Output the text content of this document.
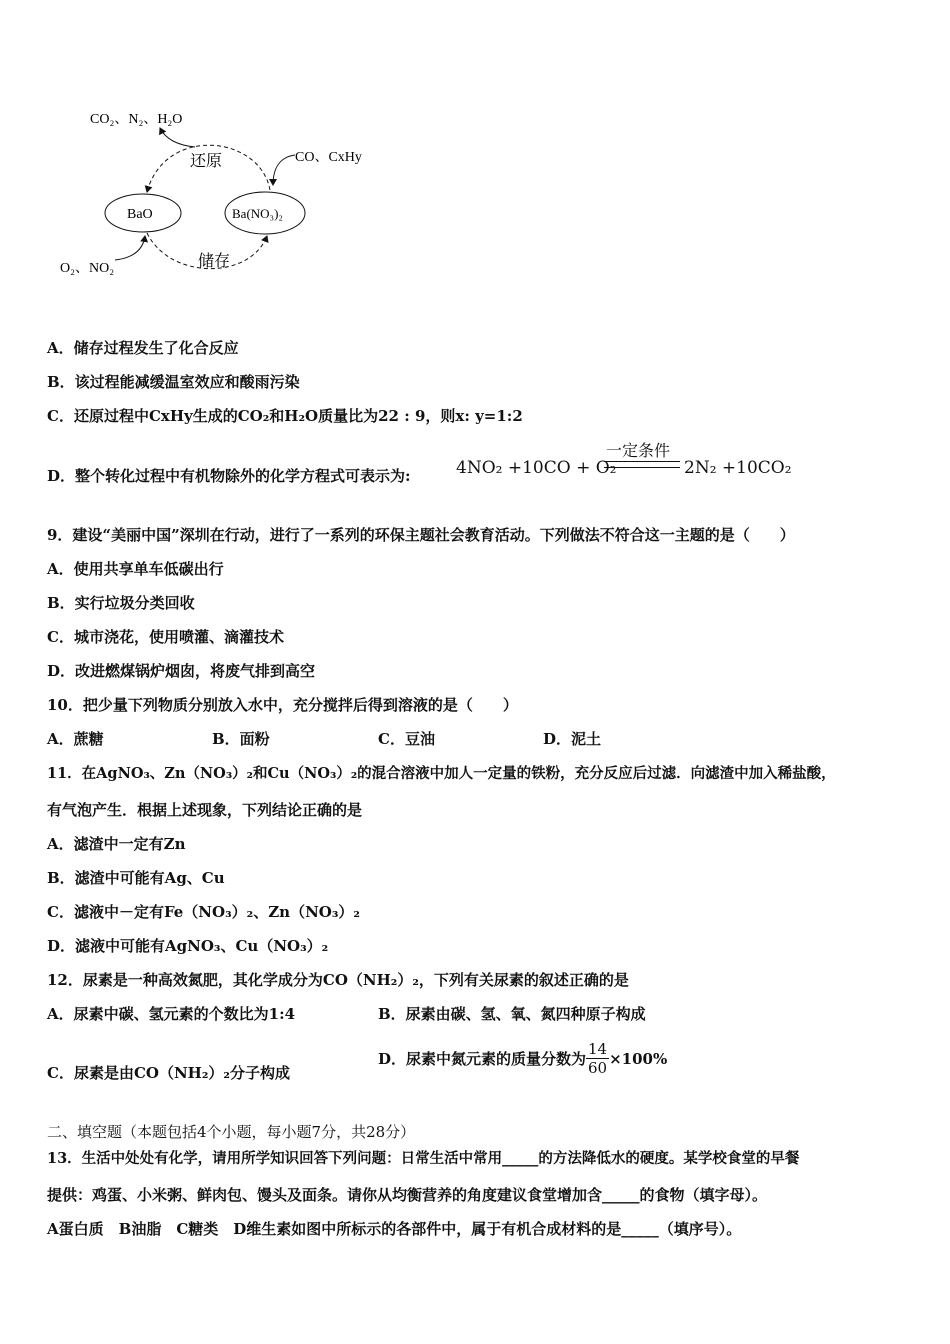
CO₂、N₂、H₂O
还原	CO、CxHy
BaO	Ba(NO₃)₂
储存
O₂、NO₂
A．储存过程发生了化合反应
B．该过程能减缓温室效应和酸雨污染
C．还原过程中CxHy生成的CO₂和H₂O质量比为22 : 9，则x: y=1:2
D．整个转化过程中有机物除外的化学方程式可表示为:	4NO₂ +10CO + O₂
一定条件
2N₂ +10CO₂
9．建设“美丽中国”深圳在行动，进行了一系列的环保主题社会教育活动。下列做法不符合这一主题的是（　　）
A．使用共享单车低碳出行
B．实行垃圾分类回收
C．城市浇花，使用喷灌、滴灌技术
D．改进燃煤锅炉烟囱，将废气排到高空
10．把少量下列物质分别放入水中，充分搅拌后得到溶液的是（　　）
A．蔗糖	B．面粉	C．豆油	D．泥土
11．在AgNO₃、Zn（NO₃）₂和Cu（NO₃）₂的混合溶液中加人一定量的铁粉，充分反应后过滤．向滤渣中加入稀盐酸，
有气泡产生．根据上述现象，下列结论正确的是
A．滤渣中一定有Zn
B．滤渣中可能有Ag、Cu
C．滤液中－定有Fe（NO₃）₂、Zn（NO₃）₂
D．滤液中可能有AgNO₃、Cu（NO₃）₂
12．尿素是一种高效氮肥，其化学成分为CO（NH₂）₂，下列有关尿素的叙述正确的是
A．尿素中碳、氢元素的个数比为1:4	B．尿素由碳、氢、氧、氮四种原子构成
C．尿素是由CO（NH₂）₂分子构成
D．尿素中氮元素的质量分数为 $\frac{14}{60} \times 100\%$
二、填空题（本题包括4个小题，每小题7分，共28分）
13．生活中处处有化学，请用所学知识回答下列问题：日常生活中常用_____的方法降低水的硬度。某学校食堂的早餐
提供：鸡蛋、小米粥、鲜肉包、馒头及面条。请你从均衡营养的角度建议食堂增加含_____的食物（填字母）。
A蛋白质　B油脂　C糖类　D维生素如图中所标示的各部件中，属于有机合成材料的是_____（填序号）。
